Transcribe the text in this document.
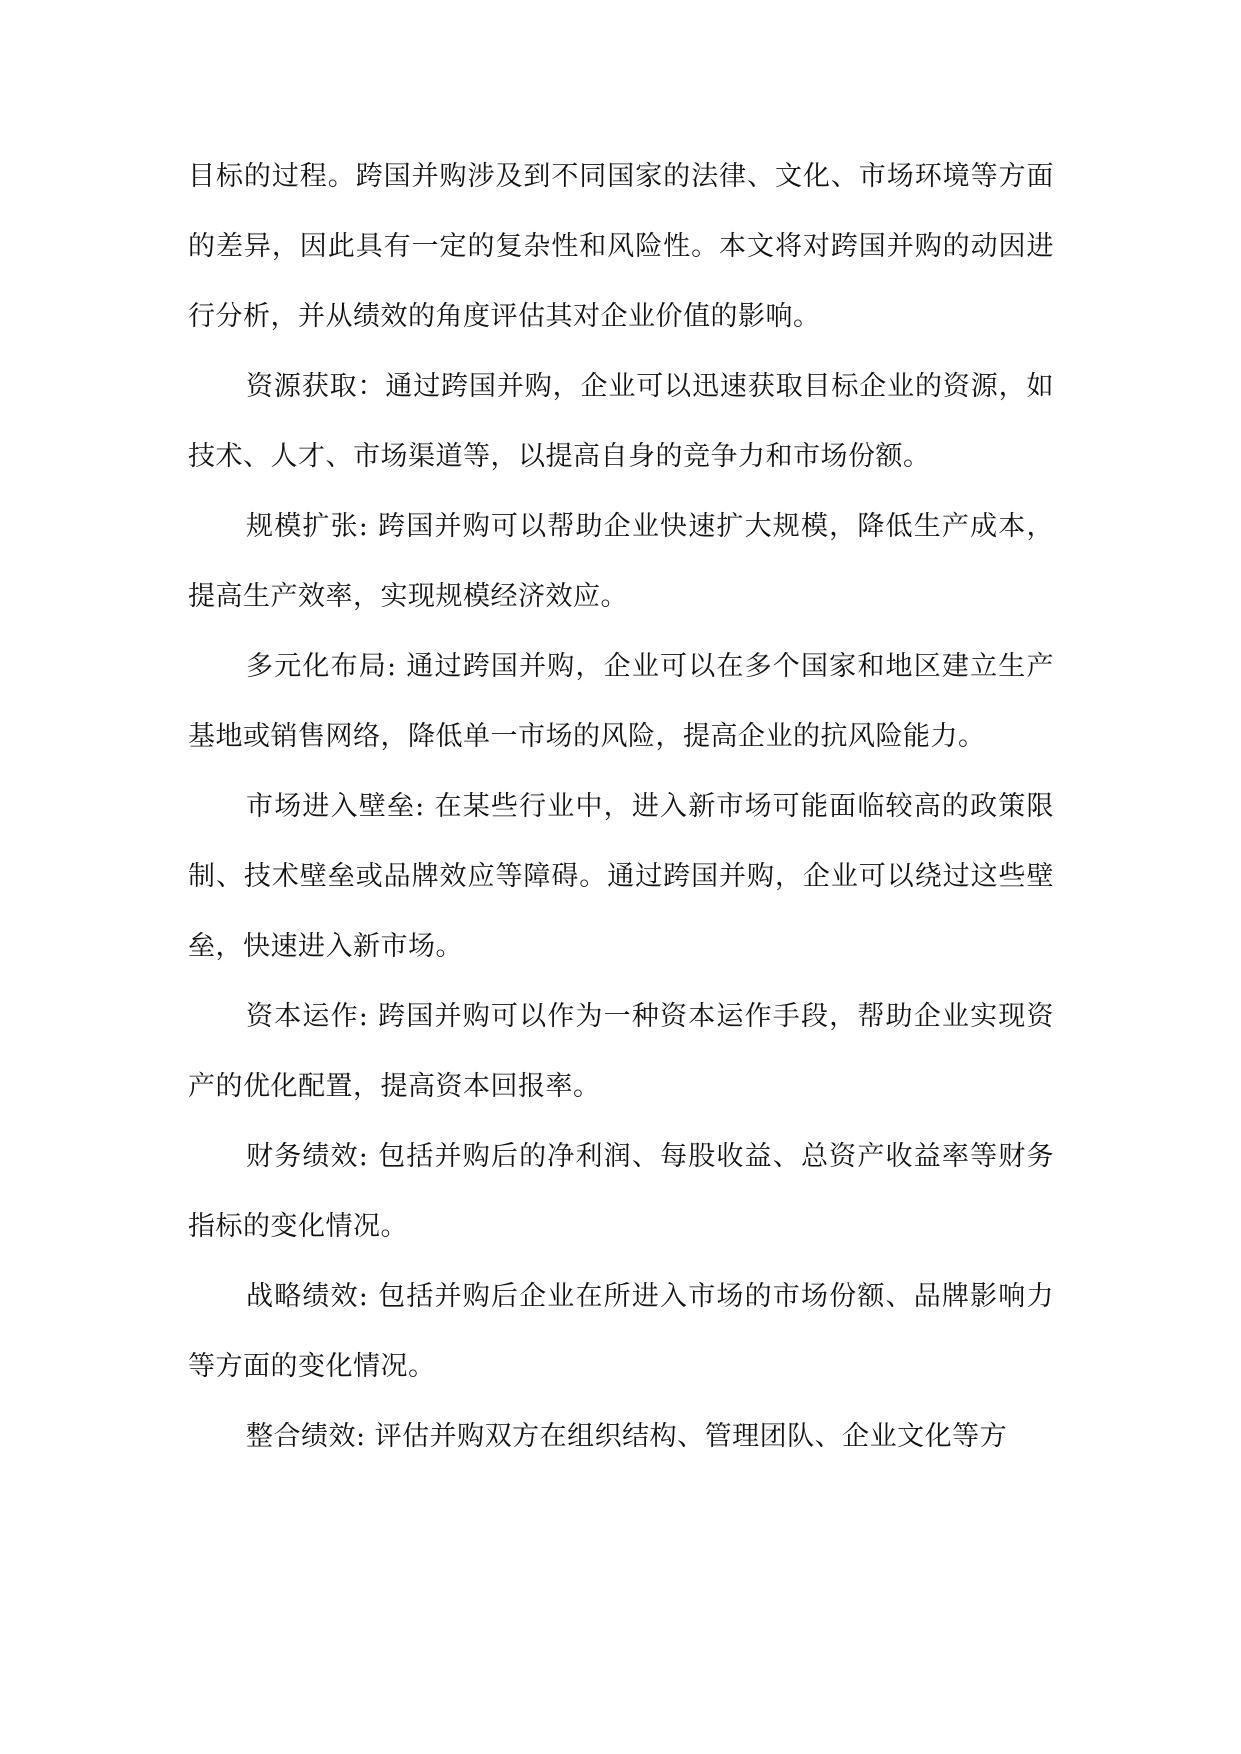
目标的过程。跨国并购涉及到不同国家的法律、文化、市场环境等方面的差异，因此具有一定的复杂性和风险性。本文将对跨国并购的动因进行分析，并从绩效的角度评估其对企业价值的影响。

资源获取：通过跨国并购，企业可以迅速获取目标企业的资源，如技术、人才、市场渠道等，以提高自身的竞争力和市场份额。

规模扩张: 跨国并购可以帮助企业快速扩大规模，降低生产成本，提高生产效率，实现规模经济效应。

多元化布局: 通过跨国并购，企业可以在多个国家和地区建立生产基地或销售网络，降低单一市场的风险，提高企业的抗风险能力。

市场进入壁垒: 在某些行业中，进入新市场可能面临较高的政策限制、技术壁垒或品牌效应等障碍。通过跨国并购，企业可以绕过这些壁垒，快速进入新市场。

资本运作: 跨国并购可以作为一种资本运作手段，帮助企业实现资产的优化配置，提高资本回报率。

财务绩效: 包括并购后的净利润、每股收益、总资产收益率等财务指标的变化情况。

战略绩效: 包括并购后企业在所进入市场的市场份额、品牌影响力等方面的变化情况。

整合绩效: 评估并购双方在组织结构、管理团队、企业文化等方
